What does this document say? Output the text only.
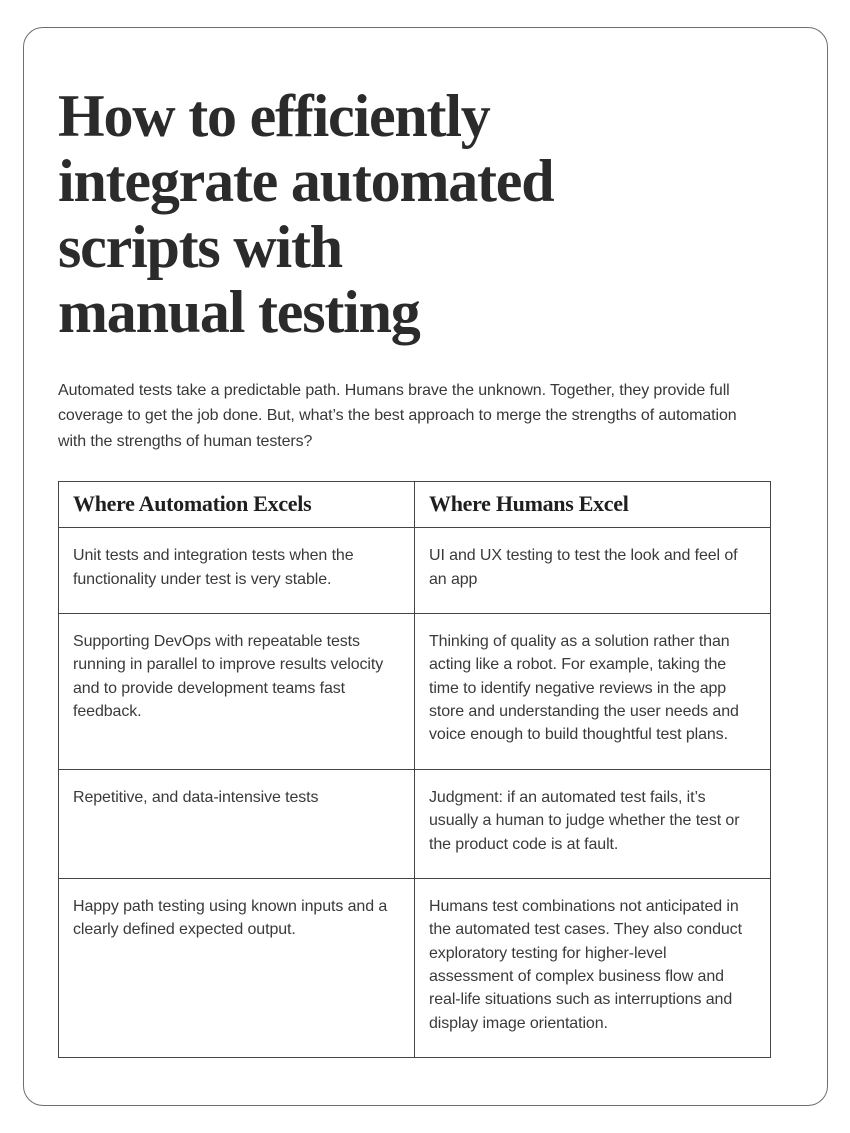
How to efficiently
integrate automated
scripts with
manual testing

Automated tests take a predictable path. Humans brave the unknown. Together, they provide full coverage to get the job done. But, what’s the best approach to merge the strengths of automation with the strengths of human testers?

Where Automation Excels	Where Humans Excel

Unit tests and integration tests when the functionality under test is very stable.	UI and UX testing to test the look and feel of an app

Supporting DevOps with repeatable tests running in parallel to improve results velocity and to provide development teams fast feedback.	Thinking of quality as a solution rather than acting like a robot. For example, taking the time to identify negative reviews in the app store and understanding the user needs and voice enough to build thoughtful test plans.

Repetitive, and data-intensive tests	Judgment: if an automated test fails, it’s usually a human to judge whether the test or the product code is at fault.

Happy path testing using known inputs and a clearly defined expected output.	Humans test combinations not anticipated in the automated test cases. They also conduct exploratory testing for higher-level assessment of complex business flow and real-life situations such as interruptions and display image orientation.
